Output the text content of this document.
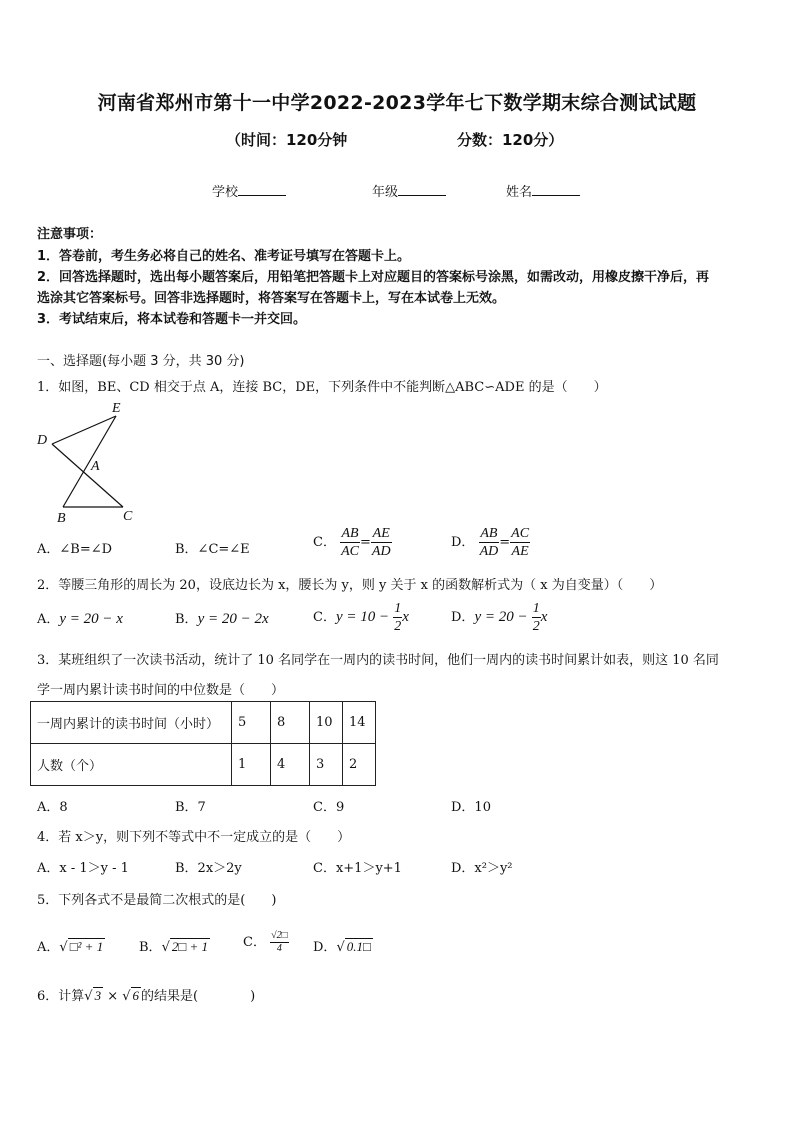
河南省郑州市第十一中学2022-2023学年七下数学期末综合测试试题
（时间：120分钟	分数：120分）
学校	年级	姓名
注意事项：
1．答卷前，考生务必将自己的姓名、准考证号填写在答题卡上。
2．回答选择题时，选出每小题答案后，用铅笔把答题卡上对应题目的答案标号涂黑，如需改动，用橡皮擦干净后，再
选涂其它答案标号。回答非选择题时，将答案写在答题卡上，写在本试卷上无效。
3．考试结束后，将本试卷和答题卡一并交回。
一、选择题(每小题 3 分，共 30 分)
1．如图，BE、CD 相交于点 A，连接 BC，DE，下列条件中不能判断△ABC∽ADE 的是（　　）
E
D
A
B	C
A．∠B=∠D	B．∠C=∠E	C． $\frac{AB}{AC} = \frac{AE}{AD}$	D． $\frac{AB}{AD} = \frac{AC}{AE}$
2．等腰三角形的周长为 20，设底边长为 x，腰长为 y，则 y 关于 x 的函数解析式为（ x 为自变量）（　　）
A．y = 20 − x	B．y = 20 − 2x	C．$y = 10 - \frac{1}{2}$ x	D．$y = 20 - \frac{1}{2}$ x
3．某班组织了一次读书活动，统计了 10 名同学在一周内的读书时间，他们一周内的读书时间累计如表，则这 10 名同
学一周内累计读书时间的中位数是（　　）
一周内累计的读书时间（小时）	5	8	10	14
人数（个）	1	4	3	2
A．8	B．7	C．9	D．10
4．若 x＞y，则下列不等式中不一定成立的是（　　）
A．x - 1＞y - 1	B．2x＞2y	C．x+1＞y+1	D．x²＞y²
5．下列各式不是最简二次根式的是(　　)
A．√ □² + 1	B．√ 2□ + 1	C． $\frac{√2□}{4}$ D．√ 0.1□
6．计算√ 3 × √ 6 的结果是(　　　　)
